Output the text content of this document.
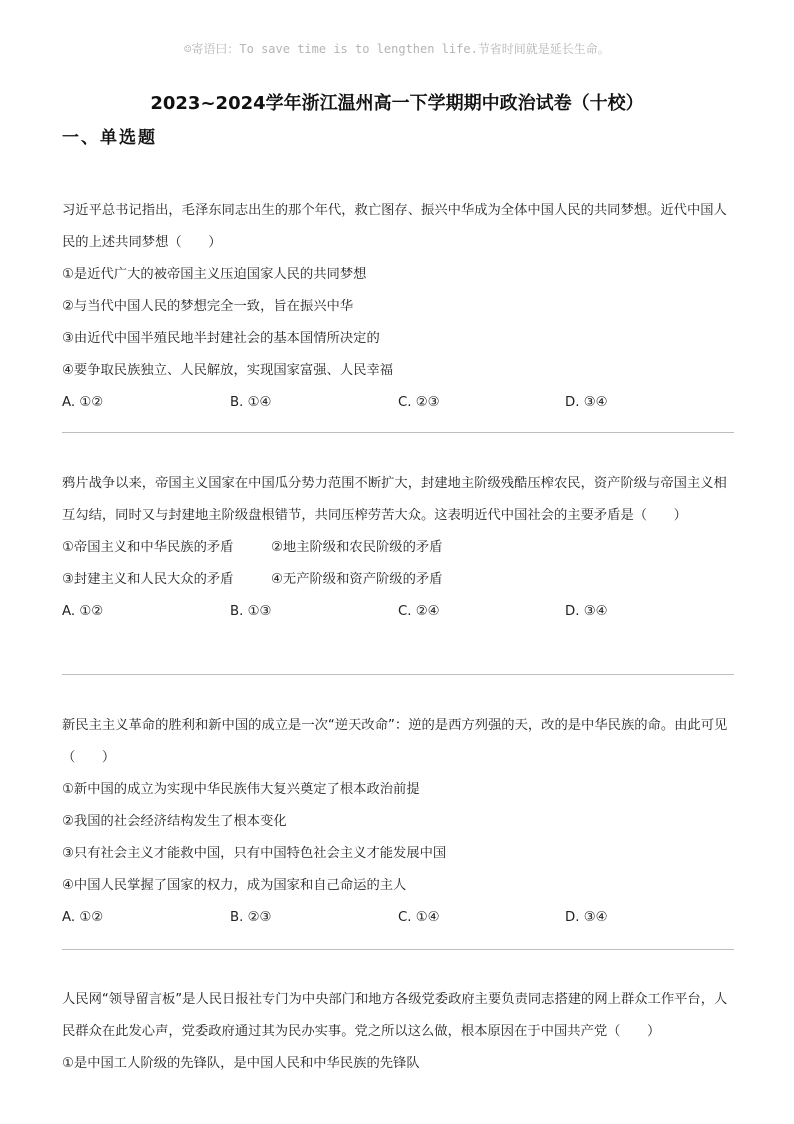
☺寄语曰：To save time is to lengthen life.节省时间就是延长生命。
2023~2024学年浙江温州高一下学期期中政治试卷（十校）
一、单选题
习近平总书记指出，毛泽东同志出生的那个年代，救亡图存、振兴中华成为全体中国人民的共同梦想。近代中国人民的上述共同梦想（　　）
①是近代广大的被帝国主义压迫国家人民的共同梦想
②与当代中国人民的梦想完全一致，旨在振兴中华
③由近代中国半殖民地半封建社会的基本国情所决定的
④要争取民族独立、人民解放，实现国家富强、人民幸福
A. ①②	B. ①④	C. ②③	D. ③④
鸦片战争以来，帝国主义国家在中国瓜分势力范围不断扩大，封建地主阶级残酷压榨农民，资产阶级与帝国主义相互勾结，同时又与封建地主阶级盘根错节，共同压榨劳苦大众。这表明近代中国社会的主要矛盾是（　　）
①帝国主义和中华民族的矛盾	②地主阶级和农民阶级的矛盾
③封建主义和人民大众的矛盾	④无产阶级和资产阶级的矛盾
A. ①②	B. ①③	C. ②④	D. ③④
新民主主义革命的胜利和新中国的成立是一次“逆天改命”：逆的是西方列强的天，改的是中华民族的命。由此可见（　　）
①新中国的成立为实现中华民族伟大复兴奠定了根本政治前提
②我国的社会经济结构发生了根本变化
③只有社会主义才能救中国，只有中国特色社会主义才能发展中国
④中国人民掌握了国家的权力，成为国家和自己命运的主人
A. ①②	B. ②③	C. ①④	D. ③④
人民网“领导留言板”是人民日报社专门为中央部门和地方各级党委政府主要负责同志搭建的网上群众工作平台，人民群众在此发心声，党委政府通过其为民办实事。党之所以这么做，根本原因在于中国共产党（　　）
①是中国工人阶级的先锋队，是中国人民和中华民族的先锋队
